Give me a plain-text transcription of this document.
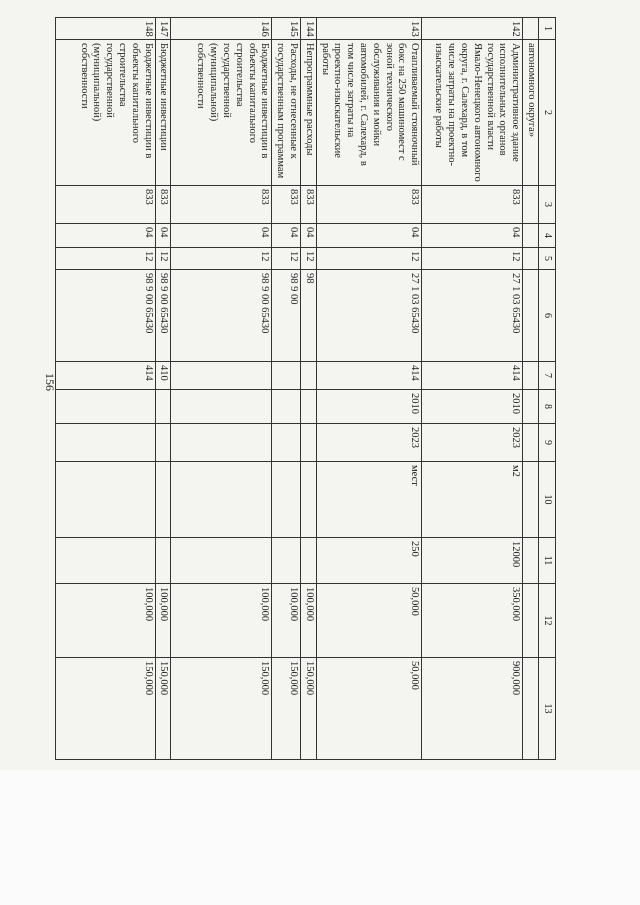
156
1	2	3	4	5	6	7	8	9	10	11	12	13
	автономного округа»											
142	Административное здание исполнительных органов государственной власти Ямало-Ненецкого автономного округа, г. Салехард, в том числе затраты на проектно-изыскательские работы	833	04	12	27 1 03 65430	414	2010	2023	м2	12000	350,000	900,000
143	Отапливаемый стояночный бокс на 250 машиномест с зоной технического обслуживания и мойки автомобилей, г. Салехард, в том числе затраты на проектно-изыскательские работы	833	04	12	27 1 03 65430	414	2010	2023	мест	250	50,000	50,000
144	Непрограммные расходы	833	04	12	98						100,000	150,000
145	Расходы, не отнесенные к государственным программам	833	04	12	98 9 00						100,000	150,000
146	Бюджетные инвестиции в объекты капитального строительства государственной (муниципальной) собственности	833	04	12	98 9 00 65430						100,000	150,000
147	Бюджетные инвестиции	833	04	12	98 9 00 65430	410					100,000	150,000
148	Бюджетные инвестиции в объекты капитального строительства государственной (муниципальной) собственности	833	04	12	98 9 00 65430	414					100,000	150,000
